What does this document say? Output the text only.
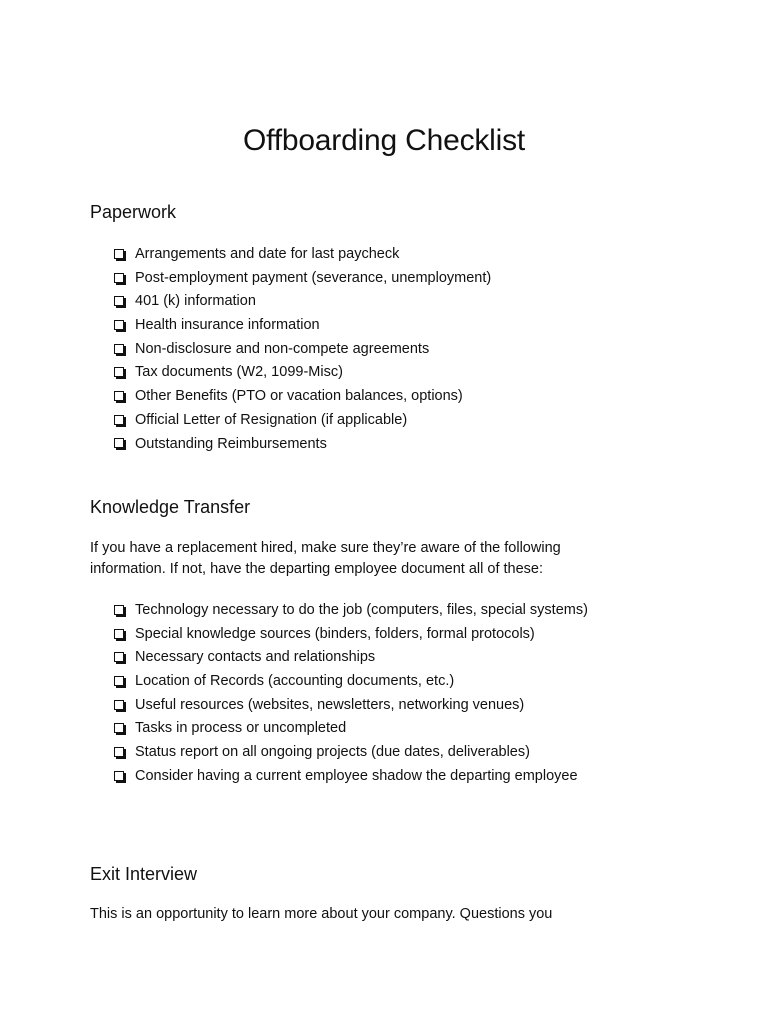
Offboarding Checklist
Paperwork
Arrangements and date for last paycheck
Post-employment payment (severance, unemployment)
401 (k) information
Health insurance information
Non-disclosure and non-compete agreements
Tax documents (W2, 1099-Misc)
Other Benefits (PTO or vacation balances, options)
Official Letter of Resignation (if applicable)
Outstanding Reimbursements
Knowledge Transfer

If you have a replacement hired, make sure they’re aware of the following information. If not, have the departing employee document all of these:

Technology necessary to do the job (computers, files, special systems)
Special knowledge sources (binders, folders, formal protocols)
Necessary contacts and relationships
Location of Records (accounting documents, etc.)
Useful resources (websites, newsletters, networking venues)
Tasks in process or uncompleted
Status report on all ongoing projects (due dates, deliverables)
Consider having a current employee shadow the departing employee
Exit Interview

This is an opportunity to learn more about your company. Questions you
